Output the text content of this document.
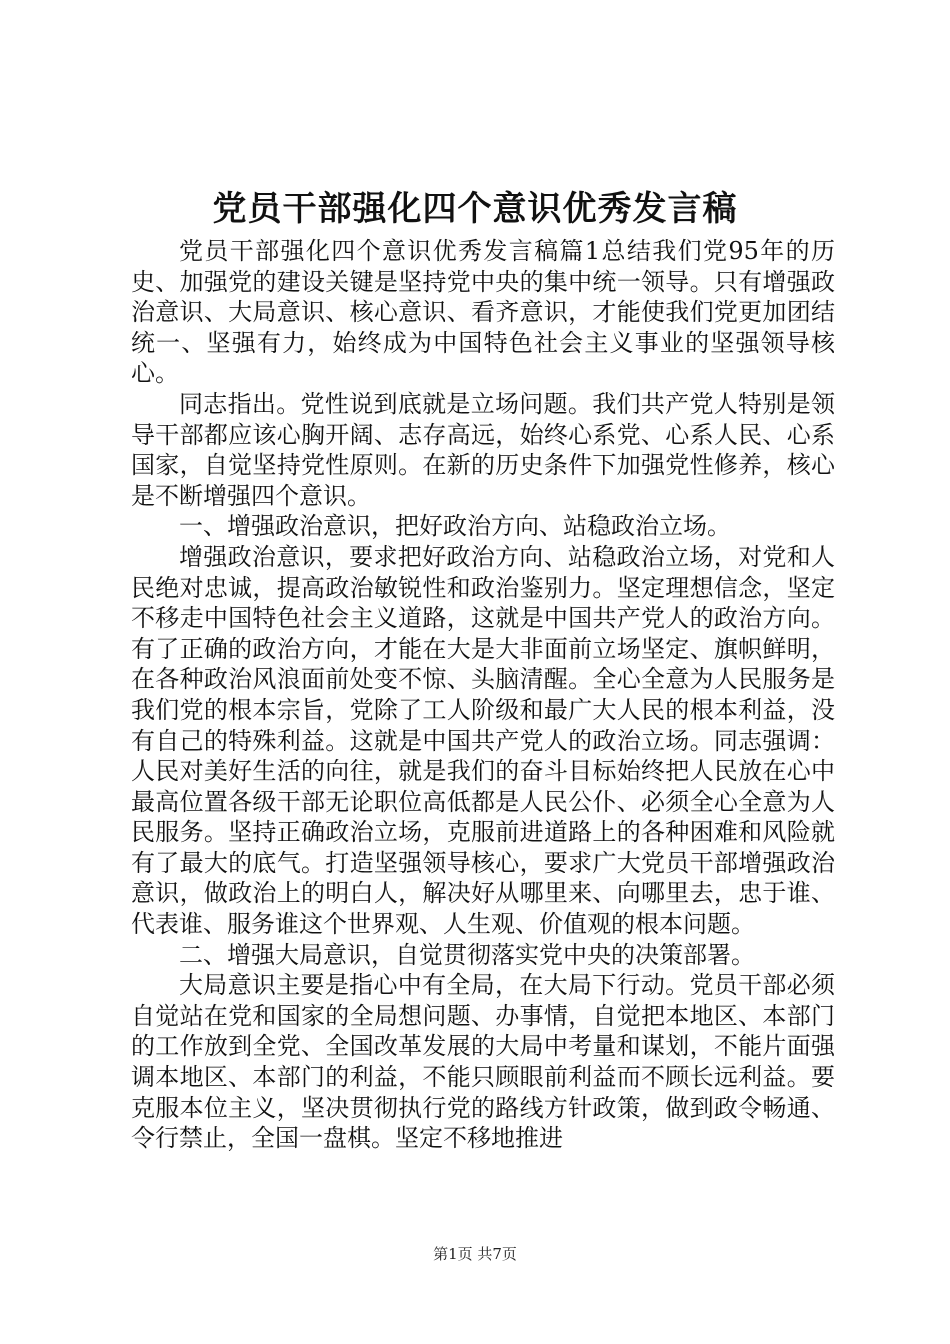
党员干部强化四个意识优秀发言稿

党员干部强化四个意识优秀发言稿篇1总结我们党95年的历史、加强党的建设关键是坚持党中央的集中统一领导。只有增强政治意识、大局意识、核心意识、看齐意识，才能使我们党更加团结统一、坚强有力，始终成为中国特色社会主义事业的坚强领导核心。

同志指出。党性说到底就是立场问题。我们共产党人特别是领导干部都应该心胸开阔、志存高远，始终心系党、心系人民、心系国家，自觉坚持党性原则。在新的历史条件下加强党性修养，核心是不断增强四个意识。

一、增强政治意识，把好政治方向、站稳政治立场。

增强政治意识，要求把好政治方向、站稳政治立场，对党和人民绝对忠诚，提高政治敏锐性和政治鉴别力。坚定理想信念，坚定不移走中国特色社会主义道路，这就是中国共产党人的政治方向。有了正确的政治方向，才能在大是大非面前立场坚定、旗帜鲜明，在各种政治风浪面前处变不惊、头脑清醒。全心全意为人民服务是我们党的根本宗旨，党除了工人阶级和最广大人民的根本利益，没有自己的特殊利益。这就是中国共产党人的政治立场。同志强调：人民对美好生活的向往，就是我们的奋斗目标始终把人民放在心中最高位置各级干部无论职位高低都是人民公仆、必须全心全意为人民服务。坚持正确政治立场，克服前进道路上的各种困难和风险就有了最大的底气。打造坚强领导核心，要求广大党员干部增强政治意识，做政治上的明白人，解决好从哪里来、向哪里去，忠于谁、代表谁、服务谁这个世界观、人生观、价值观的根本问题。

二、增强大局意识，自觉贯彻落实党中央的决策部署。

大局意识主要是指心中有全局，在大局下行动。党员干部必须自觉站在党和国家的全局想问题、办事情，自觉把本地区、本部门的工作放到全党、全国改革发展的大局中考量和谋划，不能片面强调本地区、本部门的利益，不能只顾眼前利益而不顾长远利益。要克服本位主义，坚决贯彻执行党的路线方针政策，做到政令畅通、令行禁止，全国一盘棋。坚定不移地推进

第1页 共7页
